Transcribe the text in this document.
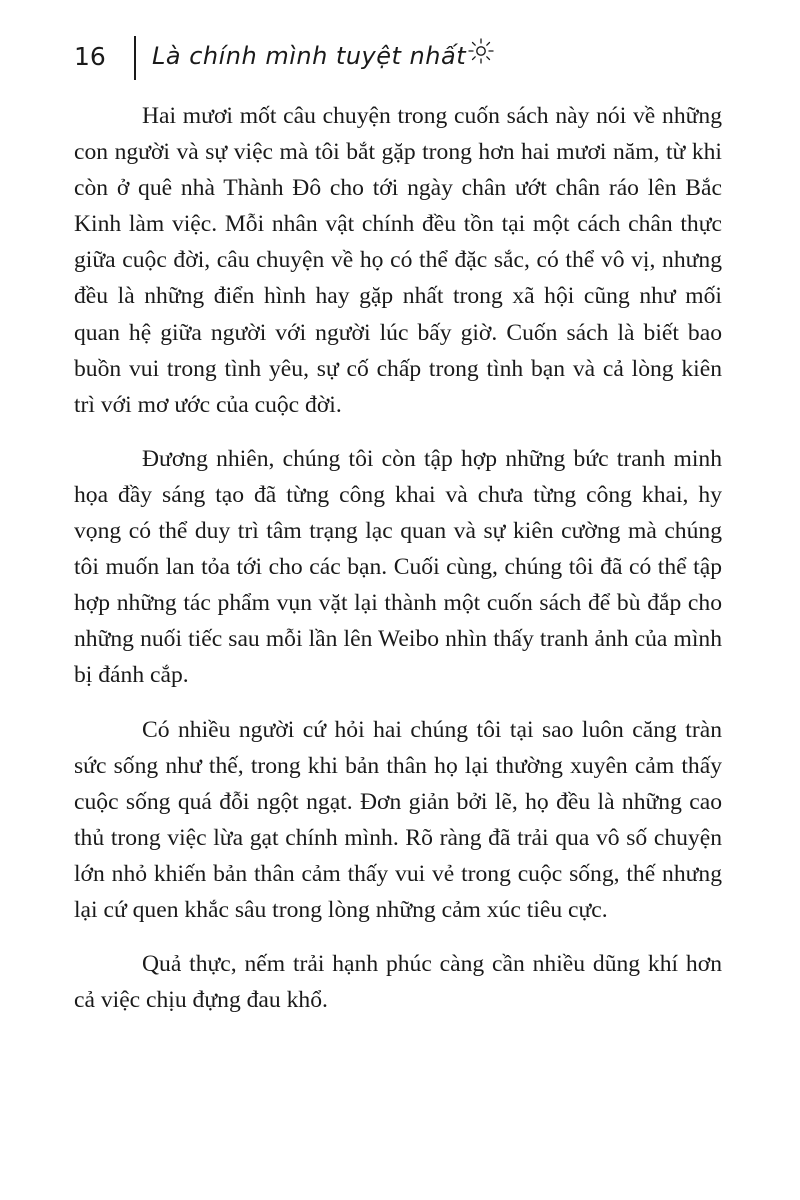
16 Là chính mình tuyệt nhất

Hai mươi mốt câu chuyện trong cuốn sách này nói về những con người và sự việc mà tôi bắt gặp trong hơn hai mươi năm, từ khi còn ở quê nhà Thành Đô cho tới ngày chân ướt chân ráo lên Bắc Kinh làm việc. Mỗi nhân vật chính đều tồn tại một cách chân thực giữa cuộc đời, câu chuyện về họ có thể đặc sắc, có thể vô vị, nhưng đều là những điển hình hay gặp nhất trong xã hội cũng như mối quan hệ giữa người với người lúc bấy giờ. Cuốn sách là biết bao buồn vui trong tình yêu, sự cố chấp trong tình bạn và cả lòng kiên trì với mơ ước của cuộc đời.

Đương nhiên, chúng tôi còn tập hợp những bức tranh minh họa đầy sáng tạo đã từng công khai và chưa từng công khai, hy vọng có thể duy trì tâm trạng lạc quan và sự kiên cường mà chúng tôi muốn lan tỏa tới cho các bạn. Cuối cùng, chúng tôi đã có thể tập hợp những tác phẩm vụn vặt lại thành một cuốn sách để bù đắp cho những nuối tiếc sau mỗi lần lên Weibo nhìn thấy tranh ảnh của mình bị đánh cắp.

Có nhiều người cứ hỏi hai chúng tôi tại sao luôn căng tràn sức sống như thế, trong khi bản thân họ lại thường xuyên cảm thấy cuộc sống quá đỗi ngột ngạt. Đơn giản bởi lẽ, họ đều là những cao thủ trong việc lừa gạt chính mình. Rõ ràng đã trải qua vô số chuyện lớn nhỏ khiến bản thân cảm thấy vui vẻ trong cuộc sống, thế nhưng lại cứ quen khắc sâu trong lòng những cảm xúc tiêu cực.

Quả thực, nếm trải hạnh phúc càng cần nhiều dũng khí hơn cả việc chịu đựng đau khổ.
